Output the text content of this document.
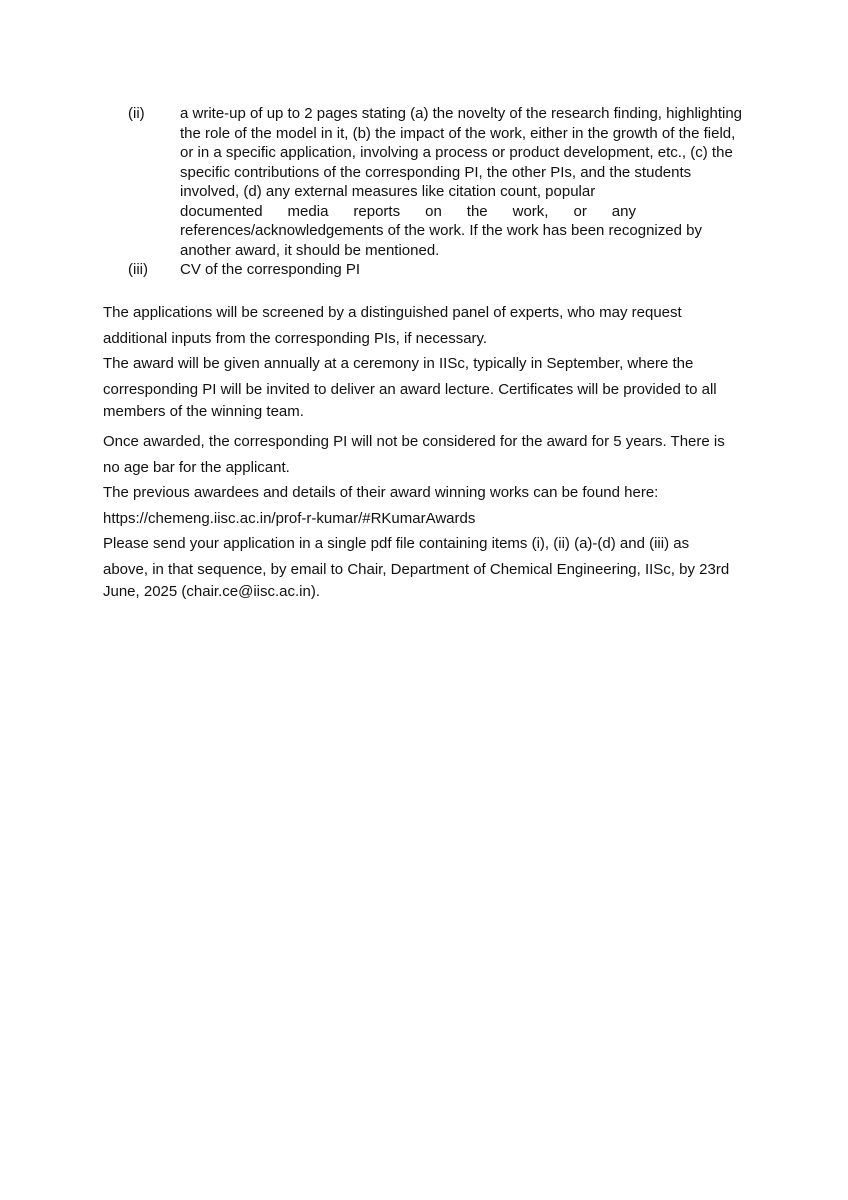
(ii)	a write-up of up to 2 pages stating (a) the novelty of the research finding, highlighting
the role of the model in it, (b) the impact of the work, either in the growth of the field,
or in a specific application, involving a process or product development, etc., (c) the
specific contributions of the corresponding PI, the other PIs, and the students
involved, (d) any external measures like citation count, popular
documented media reports on the work, or any
references/acknowledgements of the work. If the work has been recognized by
another award, it should be mentioned.
(iii)	CV of the corresponding PI

The applications will be screened by a distinguished panel of experts, who may request
additional inputs from the corresponding PIs, if necessary.

The award will be given annually at a ceremony in IISc, typically in September, where the
corresponding PI will be invited to deliver an award lecture. Certificates will be provided to all
members of the winning team.

Once awarded, the corresponding PI will not be considered for the award for 5 years. There is
no age bar for the applicant.

The previous awardees and details of their award winning works can be found here:
https://chemeng.iisc.ac.in/prof-r-kumar/#RKumarAwards

Please send your application in a single pdf file containing items (i), (ii) (a)-(d) and (iii) as
above, in that sequence, by email to Chair, Department of Chemical Engineering, IISc, by 23rd
June, 2025 (chair.ce@iisc.ac.in).
